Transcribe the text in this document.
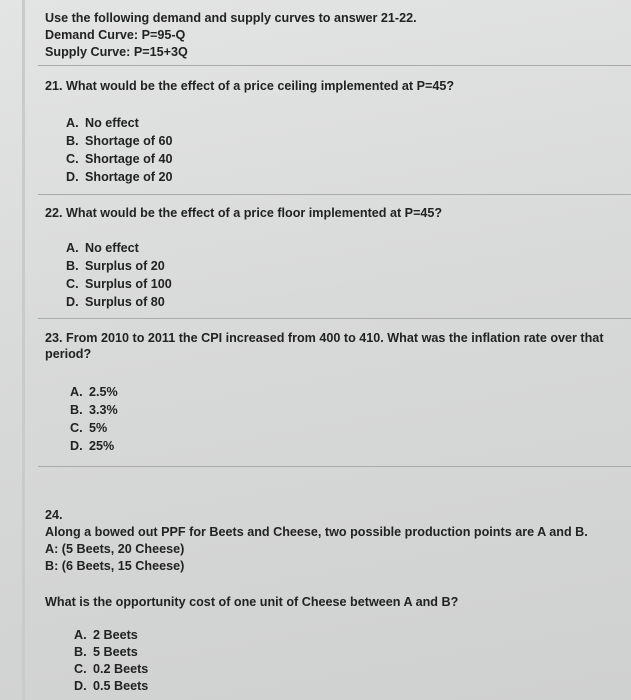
Use the following demand and supply curves to answer 21-22.
Demand Curve: P=95-Q
Supply Curve: P=15+3Q
21. What would be the effect of a price ceiling implemented at P=45?
A. No effect
B. Shortage of 60
C. Shortage of 40
D. Shortage of 20
22. What would be the effect of a price floor implemented at P=45?
A. No effect
B. Surplus of 20
C. Surplus of 100
D. Surplus of 80
23. From 2010 to 2011 the CPI increased from 400 to 410. What was the inflation rate over that period?
A. 2.5%
B. 3.3%
C. 5%
D. 25%
24.
Along a bowed out PPF for Beets and Cheese, two possible production points are A and B.
A: (5 Beets, 20 Cheese)
B: (6 Beets, 15 Cheese)
What is the opportunity cost of one unit of Cheese between A and B?
A. 2 Beets
B. 5 Beets
C. 0.2 Beets
D. 0.5 Beets
